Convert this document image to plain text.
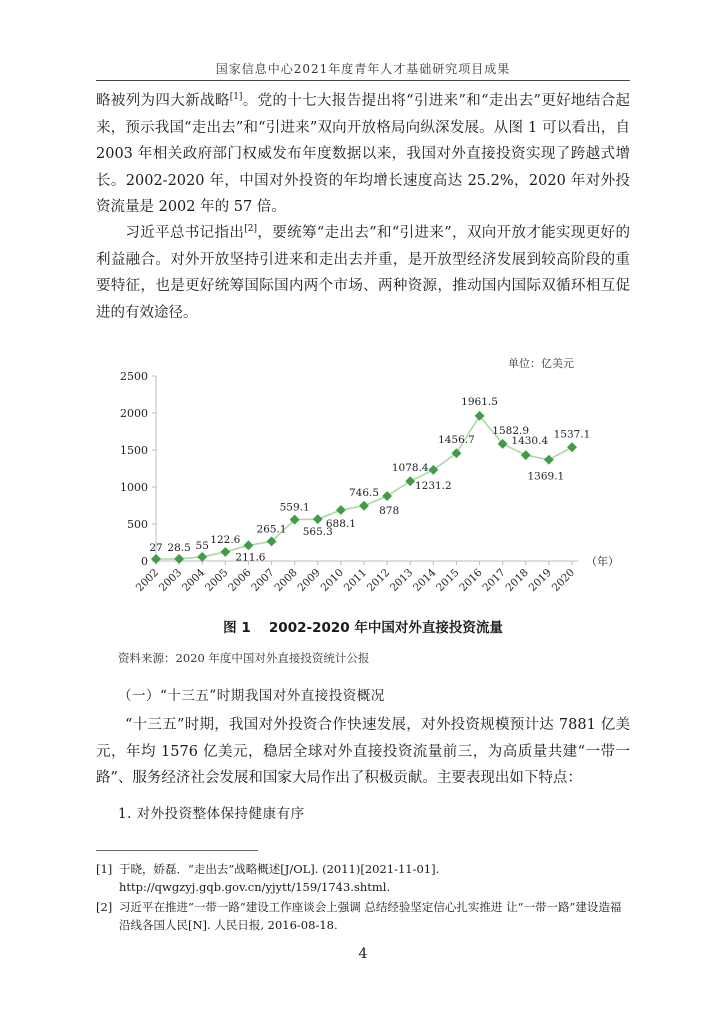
国家信息中心2021年度青年人才基础研究项目成果

略被列为四大新战略[1]。党的十七大报告提出将“引进来”和“走出去”更好地结合起来，预示我国“走出去”和“引进来”双向开放格局向纵深发展。从图 1 可以看出，自 2003 年相关政府部门权威发布年度数据以来，我国对外直接投资实现了跨越式增长。2002-2020 年，中国对外投资的年均增长速度高达 25.2%，2020 年对外投资流量是 2002 年的 57 倍。

习近平总书记指出[2]，要统筹“走出去”和“引进来”，双向开放才能实现更好的利益融合。对外开放坚持引进来和走出去并重，是开放型经济发展到较高阶段的重要特征，也是更好统筹国际国内两个市场、两种资源，推动国内国际双循环相互促进的有效途径。

单位：亿美元
0
500
1000
1500
2000
2500
2002
2003
2004
2005
2006
2007
2008
2009
2010
2011
2012
2013
2014
2015
2016
2017
2018
2019
2020
（年）
27 28.5 55
122.6
211.6
265.1
559.1
565.3
688.1
746.5
878
1078.4
1231.2
1456.7
1961.5
1582.9
1430.4
1369.1
1537.1
图 1　 2002-2020 年中国对外直接投资流量
资料来源：2020 年度中国对外直接投资统计公报
（一）“十三五”时期我国对外直接投资概况

“十三五”时期，我国对外投资合作快速发展，对外投资规模预计达 7881 亿美元，年均 1576 亿美元，稳居全球对外直接投资流量前三，为高质量共建“一带一路”、服务经济社会发展和国家大局作出了积极贡献。主要表现出如下特点：

1. 对外投资整体保持健康有序
[1] 于晓，娇磊．“走出去”战略概述[J/OL]. (2011)[2021-11-01]. http://qwgzyj.gqb.gov.cn/yjytt/159/1743.shtml.
[2] 习近平在推进“一带一路”建设工作座谈会上强调 总结经验坚定信心扎实推进 让“一带一路”建设造福沿线各国人民[N]. 人民日报, 2016-08-18.
4
